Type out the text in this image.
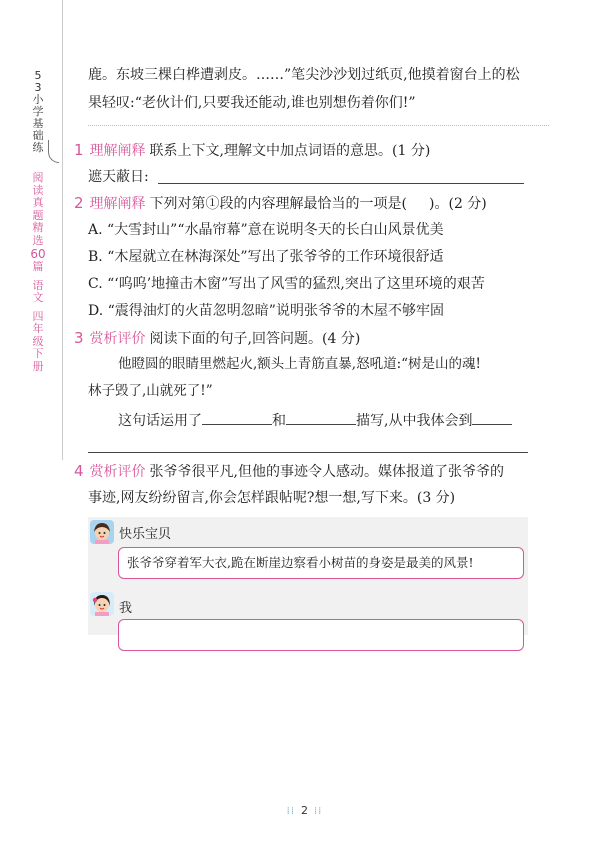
5
3
小
学
基
础
练
阅
读
真
题
精
选
60
篇
语
文
四
年
级
下
册
鹿。东坡三棵白桦遭剥皮。……”笔尖沙沙划过纸页,他摸着窗台上的松
果轻叹:“老伙计们,只要我还能动,谁也别想伤着你们!”
1 理解阐释 联系上下文,理解文中加点词语的意思。(1 分)
遮天蔽日:
2 理解阐释 下列对第①段的内容理解最恰当的一项是( )。(2 分)
A. “大雪封山”“水晶帘幕”意在说明冬天的长白山风景优美
B. “木屋就立在林海深处”写出了张爷爷的工作环境很舒适
C. “‘呜呜’地撞击木窗”写出了风雪的猛烈,突出了这里环境的艰苦
D. “震得油灯的火苗忽明忽暗”说明张爷爷的木屋不够牢固
3 赏析评价 阅读下面的句子,回答问题。(4 分)
他瞪圆的眼睛里燃起火,额头上青筋直暴,怒吼道:“树是山的魂!
林子毁了,山就死了!”
这句话运用了	和	描写,从中我体会到
4 赏析评价 张爷爷很平凡,但他的事迹令人感动。媒体报道了张爷爷的
事迹,网友纷纷留言,你会怎样跟帖呢?想一想,写下来。(3 分)
快乐宝贝
张爷爷穿着军大衣,跪在断崖边察看小树苗的身姿是最美的风景!
我
⁞⁞ 2 ⁞⁞
